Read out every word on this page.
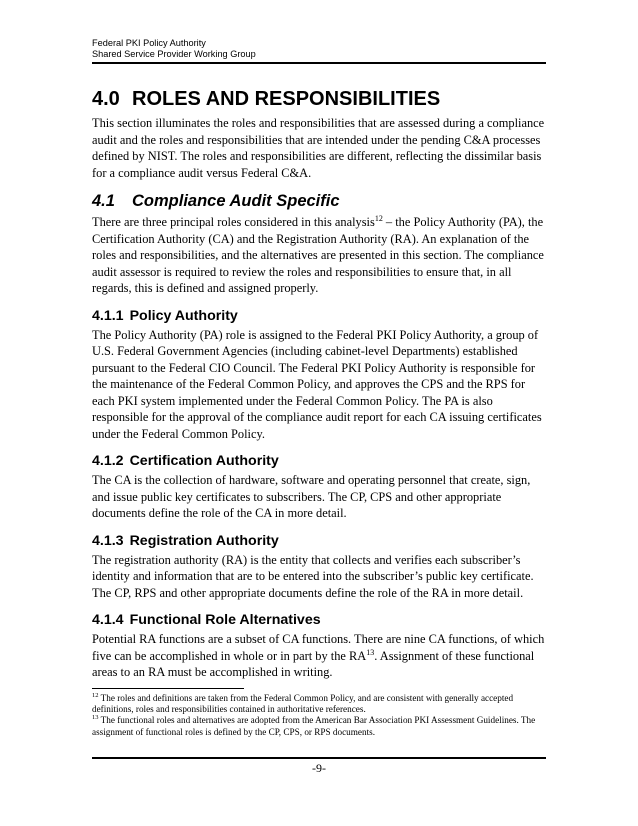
Federal PKI Policy Authority
Shared Service Provider Working Group
4.0 ROLES AND RESPONSIBILITIES

This section illuminates the roles and responsibilities that are assessed during a compliance audit and the roles and responsibilities that are intended under the pending C&A processes defined by NIST. The roles and responsibilities are different, reflecting the dissimilar basis for a compliance audit versus Federal C&A.

4.1 Compliance Audit Specific

There are three principal roles considered in this analysis$^{12}$ – the Policy Authority (PA), the Certification Authority (CA) and the Registration Authority (RA). An explanation of the roles and responsibilities, and the alternatives are presented in this section. The compliance audit assessor is required to review the roles and responsibilities to ensure that, in all regards, this is defined and assigned properly.

4.1.1 Policy Authority

The Policy Authority (PA) role is assigned to the Federal PKI Policy Authority, a group of U.S. Federal Government Agencies (including cabinet-level Departments) established pursuant to the Federal CIO Council. The Federal PKI Policy Authority is responsible for the maintenance of the Federal Common Policy, and approves the CPS and the RPS for each PKI system implemented under the Federal Common Policy. The PA is also responsible for the approval of the compliance audit report for each CA issuing certificates under the Federal Common Policy.

4.1.2 Certification Authority

The CA is the collection of hardware, software and operating personnel that create, sign, and issue public key certificates to subscribers. The CP, CPS and other appropriate documents define the role of the CA in more detail.

4.1.3 Registration Authority

The registration authority (RA) is the entity that collects and verifies each subscriber’s identity and information that are to be entered into the subscriber’s public key certificate. The CP, RPS and other appropriate documents define the role of the RA in more detail.

4.1.4 Functional Role Alternatives

Potential RA functions are a subset of CA functions. There are nine CA functions, of which five can be accomplished in whole or in part by the RA$^{13}$. Assignment of these functional areas to an RA must be accomplished in writing.

$^{12}$ The roles and definitions are taken from the Federal Common Policy, and are consistent with generally accepted definitions, roles and responsibilities contained in authoritative references.
$^{13}$ The functional roles and alternatives are adopted from the American Bar Association PKI Assessment Guidelines. The assignment of functional roles is defined by the CP, CPS, or RPS documents.
-9-
